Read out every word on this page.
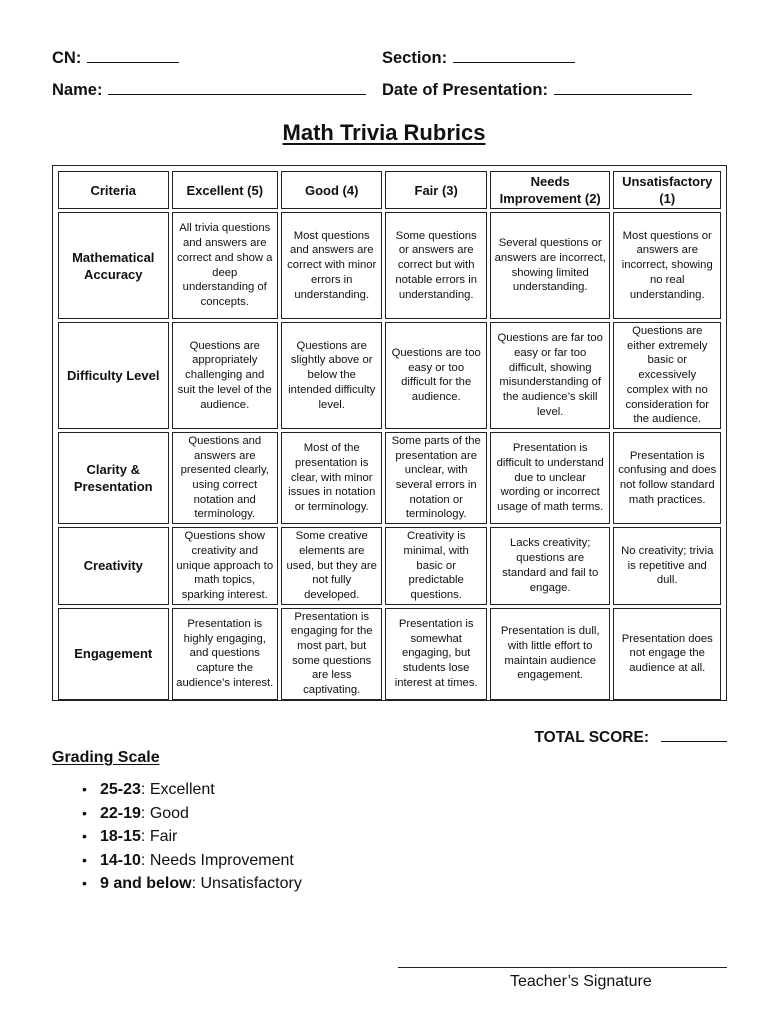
CN:	Section:
Name:	Date of Presentation:
Math Trivia Rubrics
Criteria	Excellent (5)	Good (4)	Fair (3)	Needs Improvement (2)	Unsatisfactory (1)
Mathematical Accuracy	All trivia questions and answers are correct and show a deep understanding of concepts.	Most questions and answers are correct with minor errors in understanding.	Some questions or answers are correct but with notable errors in understanding.	Several questions or answers are incorrect, showing limited understanding.	Most questions or answers are incorrect, showing no real understanding.
Difficulty Level	Questions are appropriately challenging and suit the level of the audience.	Questions are slightly above or below the intended difficulty level.	Questions are too easy or too difficult for the audience.	Questions are far too easy or far too difficult, showing misunderstanding of the audience’s skill level.	Questions are either extremely basic or excessively complex with no consideration for the audience.
Clarity & Presentation	Questions and answers are presented clearly, using correct notation and terminology.	Most of the presentation is clear, with minor issues in notation or terminology.	Some parts of the presentation are unclear, with several errors in notation or terminology.	Presentation is difficult to understand due to unclear wording or incorrect usage of math terms.	Presentation is confusing and does not follow standard math practices.
Creativity	Questions show creativity and unique approach to math topics, sparking interest.	Some creative elements are used, but they are not fully developed.	Creativity is minimal, with basic or predictable questions.	Lacks creativity; questions are standard and fail to engage.	No creativity; trivia is repetitive and dull.
Engagement	Presentation is highly engaging, and questions capture the audience’s interest.	Presentation is engaging for the most part, but some questions are less captivating.	Presentation is somewhat engaging, but students lose interest at times.	Presentation is dull, with little effort to maintain audience engagement.	Presentation does not engage the audience at all.
TOTAL SCORE:
Grading Scale
• 25-23: Excellent
• 22-19: Good
• 18-15: Fair
• 14-10: Needs Improvement
• 9 and below: Unsatisfactory
Teacher’s Signature
